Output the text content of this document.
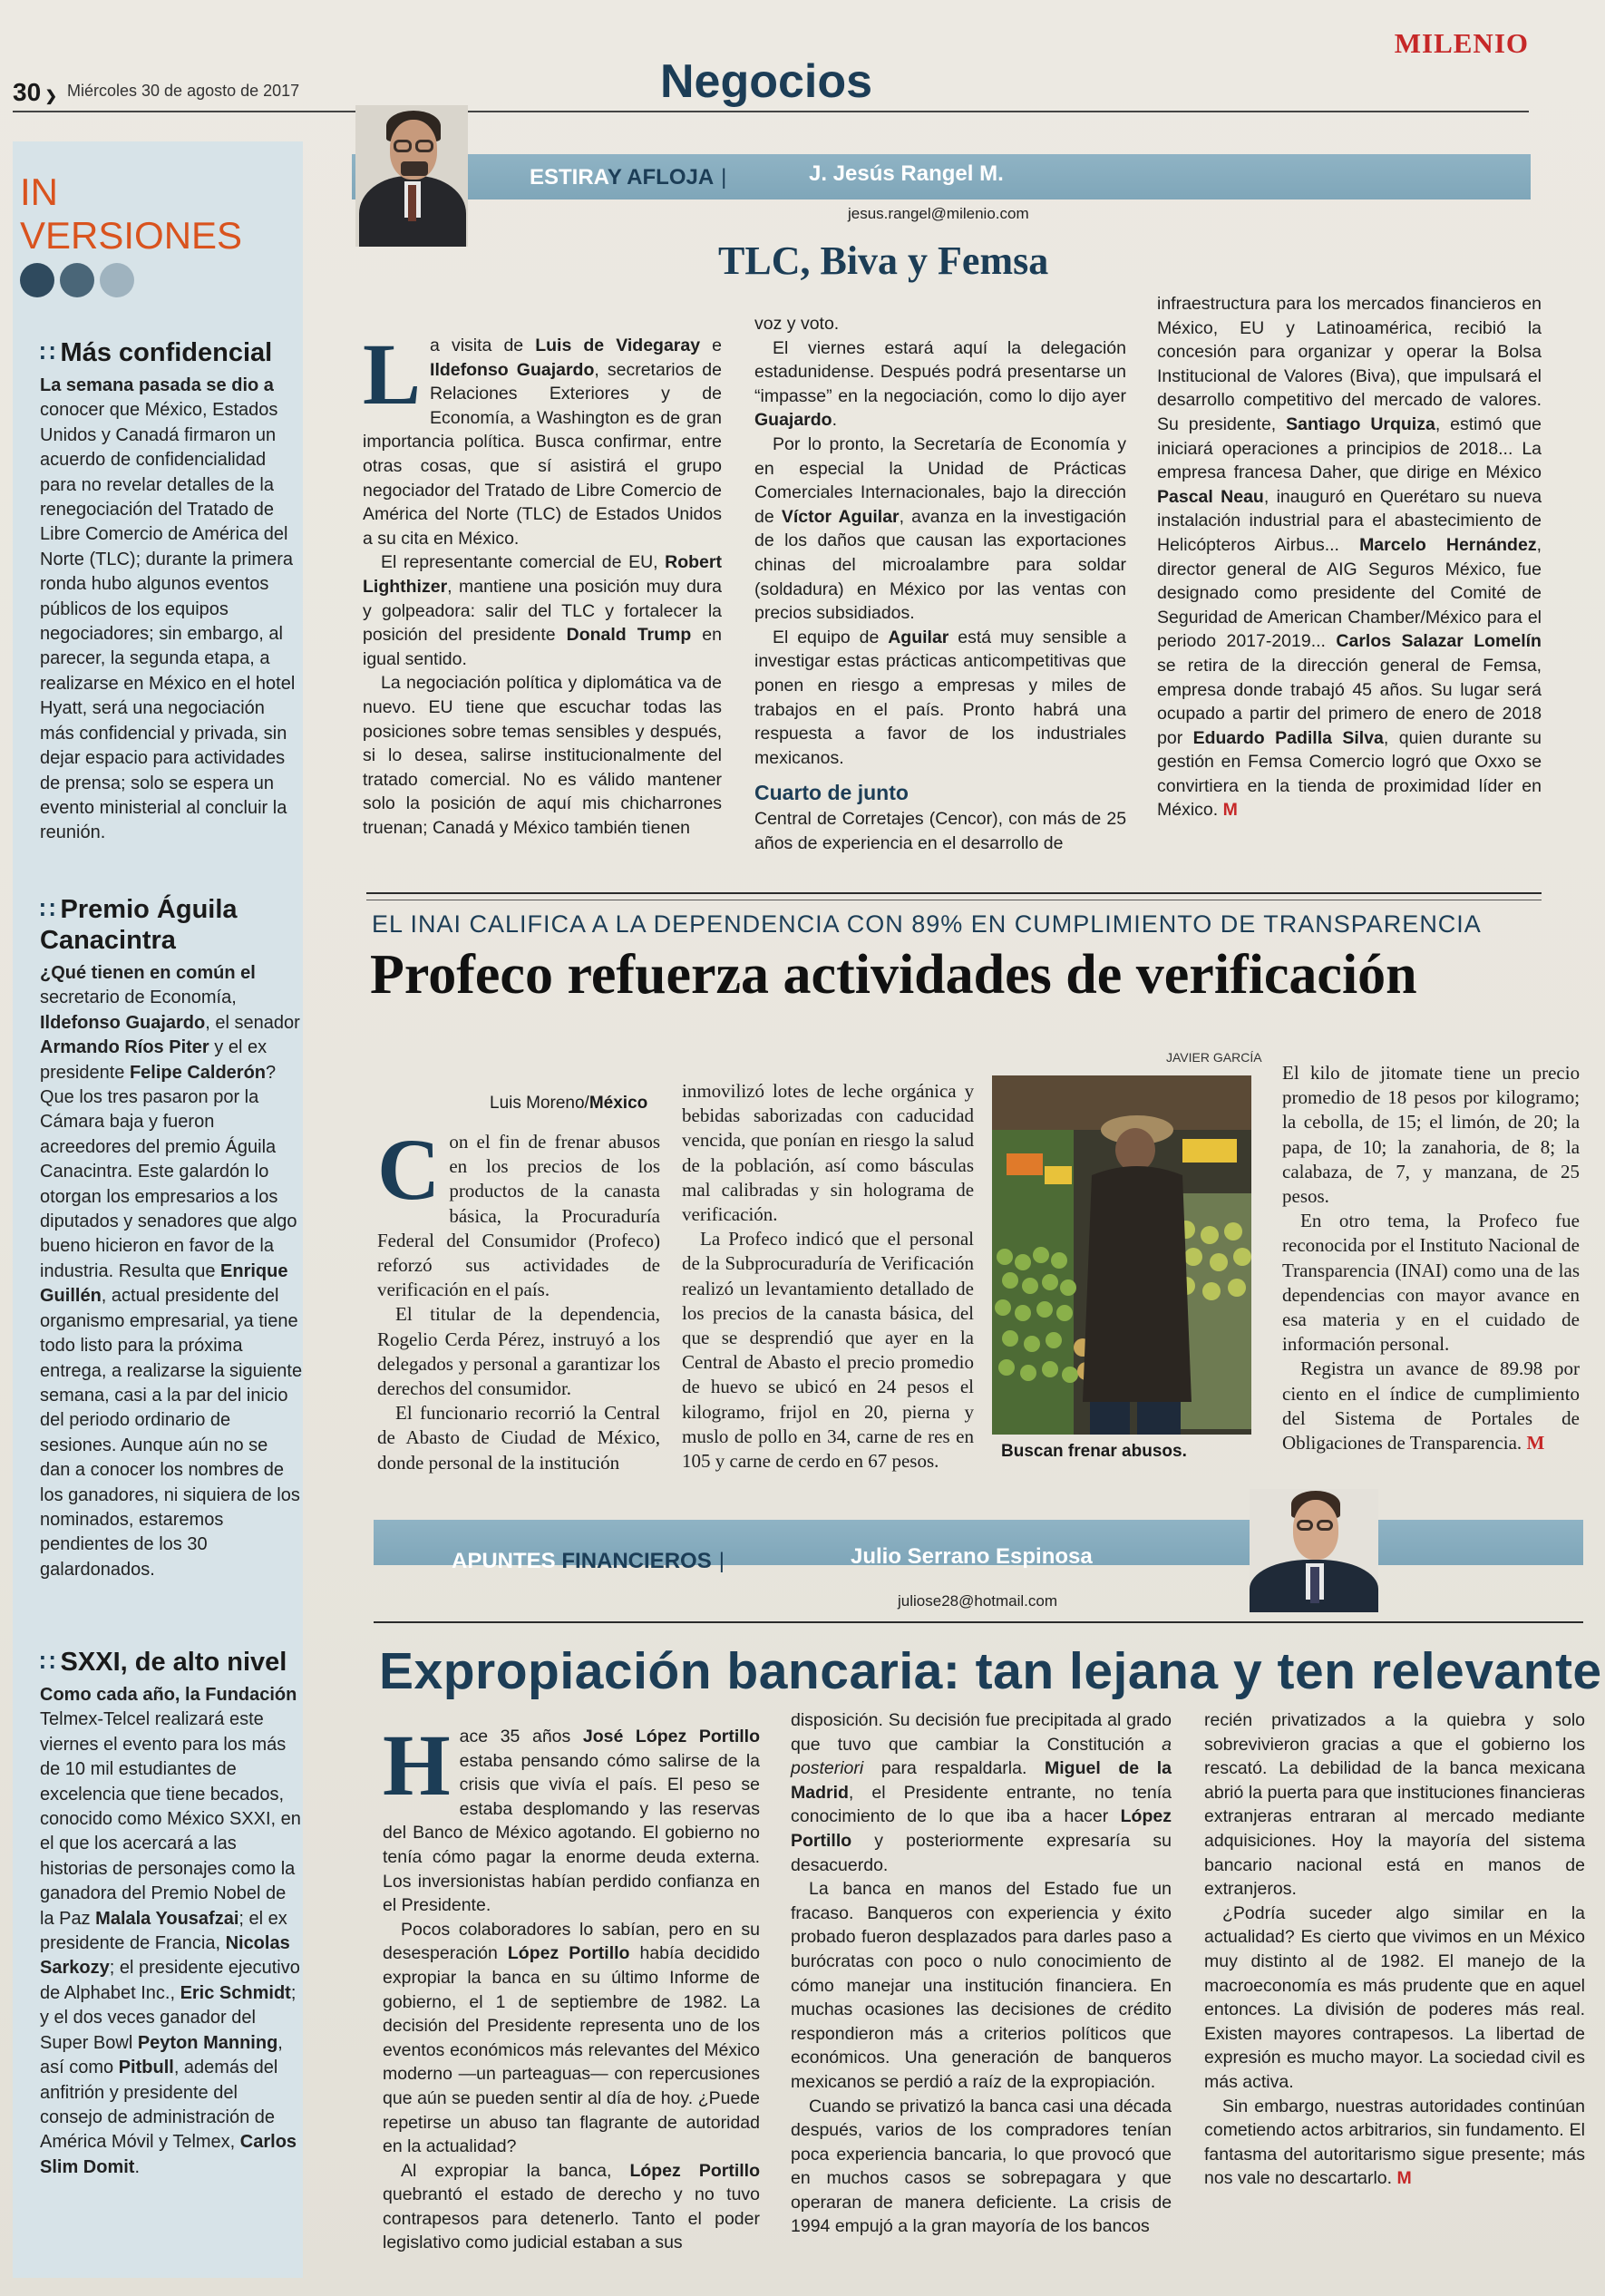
30 ❯ Miércoles 30 de agosto de 2017	Negocios
MILENIO
IN
VERSIONES
∷ Más confidencial
La semana pasada se dio a conocer que México, Estados Unidos y Canadá firmaron un acuerdo de confidencialidad para no revelar detalles de la renegociación del Tratado de Libre Comercio de América del Norte (TLC); durante la primera ronda hubo algunos eventos públicos de los equipos negociadores; sin embargo, al parecer, la segunda etapa, a realizarse en México en el hotel Hyatt, será una negociación más confidencial y privada, sin dejar espacio para actividades de prensa; solo se espera un evento ministerial al concluir la reunión.
∷ Premio Águila Canacintra
¿Qué tienen en común el secretario de Economía, Ildefonso Guajardo, el senador Armando Ríos Piter y el ex presidente Felipe Calderón? Que los tres pasaron por la Cámara baja y fueron acreedores del premio Águila Canacintra. Este galardón lo otorgan los empresarios a los diputados y senadores que algo bueno hicieron en favor de la industria. Resulta que Enrique Guillén, actual presidente del organismo empresarial, ya tiene todo listo para la próxima entrega, a realizarse la siguiente semana, casi a la par del inicio del periodo ordinario de sesiones. Aunque aún no se dan a conocer los nombres de los ganadores, ni siquiera de los nominados, estaremos pendientes de los 30 galardonados.
∷ SXXI, de alto nivel
Como cada año, la Fundación Telmex-Telcel realizará este viernes el evento para los más de 10 mil estudiantes de excelencia que tiene becados, conocido como México SXXI, en el que los acercará a las historias de personajes como la ganadora del Premio Nobel de la Paz Malala Yousafzai; el ex presidente de Francia, Nicolas Sarkozy; el presidente ejecutivo de Alphabet Inc., Eric Schmidt; y el dos veces ganador del Super Bowl Peyton Manning, así como Pitbull, además del anfitrión y presidente del consejo de administración de América Móvil y Telmex, Carlos Slim Domit.
ESTIRAY AFLOJA |	J. Jesús Rangel M.
jesus.rangel@milenio.com
TLC, Biva y Femsa

La visita de Luis de Videgaray e Ildefonso Guajardo, secretarios de Relaciones Exteriores y de Economía, a Washington es de gran importancia política. Busca confirmar, entre otras cosas, que sí asistirá el grupo negociador del Tratado de Libre Comercio de América del Norte (TLC) de Estados Unidos a su cita en México.

El representante comercial de EU, Robert Lighthizer, mantiene una posición muy dura y golpeadora: salir del TLC y fortalecer la posición del presidente Donald Trump en igual sentido.

La negociación política y diplomática va de nuevo. EU tiene que escuchar todas las posiciones sobre temas sensibles y después, si lo desea, salirse institucionalmente del tratado comercial. No es válido mantener solo la posición de aquí mis chicharrones truenan; Canadá y México también tienen

voz y voto.

El viernes estará aquí la delegación estadunidense. Después podrá presentarse un “impasse” en la negociación, como lo dijo ayer Guajardo.

Por lo pronto, la Secretaría de Economía y en especial la Unidad de Prácticas Comerciales Internacionales, bajo la dirección de Víctor Aguilar, avanza en la investigación de los daños que causan las exportaciones chinas del microalambre para soldar (soldadura) en México por las ventas con precios subsidiados.

El equipo de Aguilar está muy sensible a investigar estas prácticas anticompetitivas que ponen en riesgo a empresas y miles de trabajos en el país. Pronto habrá una respuesta a favor de los industriales mexicanos.

Cuarto de junto

Central de Corretajes (Cencor), con más de 25 años de experiencia en el desarrollo de

infraestructura para los mercados financieros en México, EU y Latinoamérica, recibió la concesión para organizar y operar la Bolsa Institucional de Valores (Biva), que impulsará el desarrollo competitivo del mercado de valores. Su presidente, Santiago Urquiza, estimó que iniciará operaciones a principios de 2018... La empresa francesa Daher, que dirige en México Pascal Neau, inauguró en Querétaro su nueva instalación industrial para el abastecimiento de Helicópteros Airbus... Marcelo Hernández, director general de AIG Seguros México, fue designado como presidente del Comité de Seguridad de American Chamber/México para el periodo 2017-2019... Carlos Salazar Lomelín se retira de la dirección general de Femsa, empresa donde trabajó 45 años. Su lugar será ocupado a partir del primero de enero de 2018 por Eduardo Padilla Silva, quien durante su gestión en Femsa Comercio logró que Oxxo se convirtiera en la tienda de proximidad líder en México. M

EL INAI CALIFICA A LA DEPENDENCIA CON 89% EN CUMPLIMIENTO DE TRANSPARENCIA
Profeco refuerza actividades de verificación
Luis Moreno/México

Con el fin de frenar abusos en los precios de los productos de la canasta básica, la Procuraduría Federal del Consumidor (Profeco) reforzó sus actividades de verificación en el país.

El titular de la dependencia, Rogelio Cerda Pérez, instruyó a los delegados y personal a garantizar los derechos del consumidor.

El funcionario recorrió la Central de Abasto de Ciudad de México, donde personal de la institución

inmovilizó lotes de leche orgánica y bebidas saborizadas con caducidad vencida, que ponían en riesgo la salud de la población, así como básculas mal calibradas y sin holograma de verificación.

La Profeco indicó que el personal de la Subprocuraduría de Verificación realizó un levantamiento detallado de los precios de la canasta básica, del que se desprendió que ayer en la Central de Abasto el precio promedio de huevo se ubicó en 24 pesos el kilogramo, frijol en 20, pierna y muslo de pollo en 34, carne de res en 105 y carne de cerdo en 67 pesos.

El kilo de jitomate tiene un precio promedio de 18 pesos por kilogramo; la cebolla, de 15; el limón, de 20; la papa, de 10; la zanahoria, de 8; la calabaza, de 7, y manzana, de 25 pesos.

En otro tema, la Profeco fue reconocida por el Instituto Nacional de Transparencia (INAI) como una de las dependencias con mayor avance en esa materia y en el cuidado de información personal.

Registra un avance de 89.98 por ciento en el índice de cumplimiento del Sistema de Portales de Obligaciones de Transparencia. M

JAVIER GARCÍA
Buscan frenar abusos.
APUNTES FINANCIEROS |	Julio Serrano Espinosa
juliose28@hotmail.com
Expropiación bancaria: tan lejana y ten relevante

Hace 35 años José López Portillo estaba pensando cómo salirse de la crisis que vivía el país. El peso se estaba desplomando y las reservas del Banco de México agotando. El gobierno no tenía cómo pagar la enorme deuda externa. Los inversionistas habían perdido confianza en el Presidente.

Pocos colaboradores lo sabían, pero en su desesperación López Portillo había decidido expropiar la banca en su último Informe de gobierno, el 1 de septiembre de 1982. La decisión del Presidente representa uno de los eventos económicos más relevantes del México moderno —un parteaguas— con repercusiones que aún se pueden sentir al día de hoy. ¿Puede repetirse un abuso tan flagrante de autoridad en la actualidad?

Al expropiar la banca, López Portillo quebrantó el estado de derecho y no tuvo contrapesos para detenerlo. Tanto el poder legislativo como judicial estaban a sus

disposición. Su decisión fue precipitada al grado que tuvo que cambiar la Constitución a posteriori para respaldarla. Miguel de la Madrid, el Presidente entrante, no tenía conocimiento de lo que iba a hacer López Portillo y posteriormente expresaría su desacuerdo.

La banca en manos del Estado fue un fracaso. Banqueros con experiencia y éxito probado fueron desplazados para darles paso a burócratas con poco o nulo conocimiento de cómo manejar una institución financiera. En muchas ocasiones las decisiones de crédito respondieron más a criterios políticos que económicos. Una generación de banqueros mexicanos se perdió a raíz de la expropiación.

Cuando se privatizó la banca casi una década después, varios de los compradores tenían poca experiencia bancaria, lo que provocó que en muchos casos se sobrepagara y que operaran de manera deficiente. La crisis de 1994 empujó a la gran mayoría de los bancos

recién privatizados a la quiebra y solo sobrevivieron gracias a que el gobierno los rescató. La debilidad de la banca mexicana abrió la puerta para que instituciones financieras extranjeras entraran al mercado mediante adquisiciones. Hoy la mayoría del sistema bancario nacional está en manos de extranjeros.

¿Podría suceder algo similar en la actualidad? Es cierto que vivimos en un México muy distinto al de 1982. El manejo de la macroeconomía es más prudente que en aquel entonces. La división de poderes más real. Existen mayores contrapesos. La libertad de expresión es mucho mayor. La sociedad civil es más activa.

Sin embargo, nuestras autoridades continúan cometiendo actos arbitrarios, sin fundamento. El fantasma del autoritarismo sigue presente; más nos vale no descartarlo. M
